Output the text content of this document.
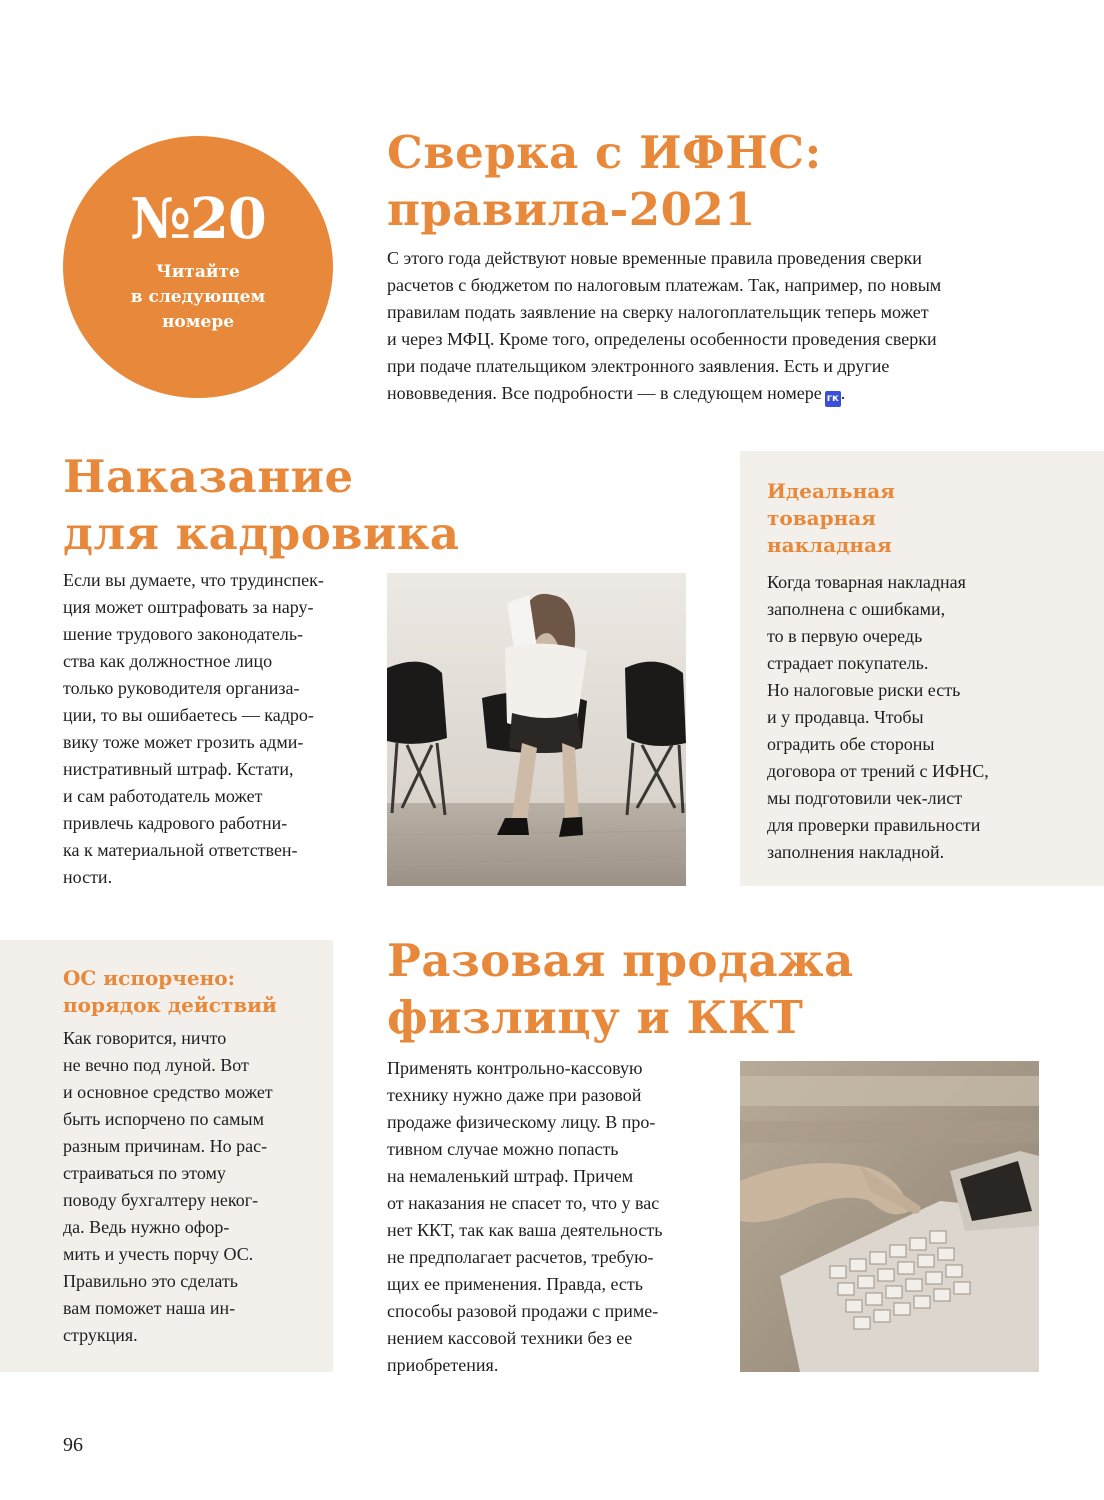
№20
Читайте
в следующем
номере
Сверка с ИФНС:
правила-2021

С этого года действуют новые временные правила проведения сверки
расчетов с бюджетом по налоговым платежам. Так, например, по новым
правилам подать заявление на сверку налогоплательщик теперь может
и через МФЦ. Кроме того, определены особенности проведения сверки
при подаче плательщиком электронного заявления. Есть и другие
нововведения. Все подробности — в следующем номере гк .

Наказание
для кадровика

Если вы думаете, что трудинспек-
ция может оштрафовать за нару-
шение трудового законодатель-
ства как должностное лицо
только руководителя организа-
ции, то вы ошибаетесь — кадро-
вику тоже может грозить адми-
нистративный штраф. Кстати,
и сам работодатель может
привлечь кадрового работни-
ка к материальной ответствен-
ности.

Идеальная
товарная
накладная

Когда товарная накладная
заполнена с ошибками,
то в первую очередь
страдает покупатель.
Но налоговые риски есть
и у продавца. Чтобы
оградить обе стороны
договора от трений с ИФНС,
мы подготовили чек-лист
для проверки правильности
заполнения накладной.

ОС испорчено:
порядок действий

Как говорится, ничто
не вечно под луной. Вот
и основное средство может
быть испорчено по самым
разным причинам. Но рас-
страиваться по этому
поводу бухгалтеру неког-
да. Ведь нужно офор-
мить и учесть порчу ОС.
Правильно это сделать
вам поможет наша ин-
струкция.

Разовая продажа
физлицу и ККТ

Применять контрольно-кассовую
технику нужно даже при разовой
продаже физическому лицу. В про-
тивном случае можно попасть
на немаленький штраф. Причем
от наказания не спасет то, что у вас
нет ККТ, так как ваша деятельность
не предполагает расчетов, требую-
щих ее применения. Правда, есть
способы разовой продажи с приме-
нением кассовой техники без ее
приобретения.

96
